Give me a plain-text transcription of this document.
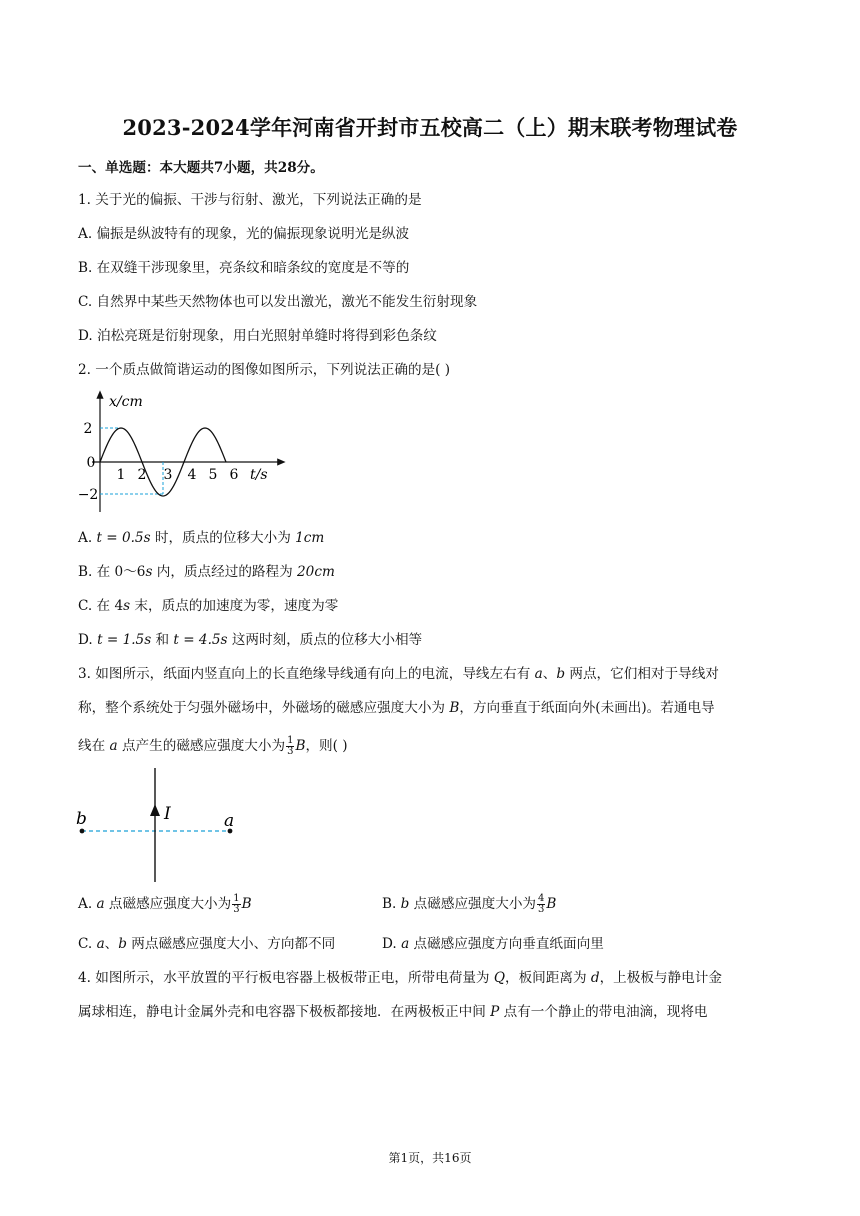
2023-2024学年河南省开封市五校高二（上）期末联考物理试卷
一、单选题：本大题共7小题，共28分。
1. 关于光的偏振、干涉与衍射、激光，下列说法正确的是
A. 偏振是纵波特有的现象，光的偏振现象说明光是纵波
B. 在双缝干涉现象里，亮条纹和暗条纹的宽度是不等的
C. 自然界中某些天然物体也可以发出激光，激光不能发生衍射现象
D. 泊松亮斑是衍射现象，用白光照射单缝时将得到彩色条纹
2. 一个质点做简谐运动的图像如图所示，下列说法正确的是( )
x/cm
2
0
−2
1 2 3 4 5 6 t/s
A. t = 0.5s 时，质点的位移大小为 1cm
B. 在 0～6s 内，质点经过的路程为 20cm
C. 在 4s 末，质点的加速度为零，速度为零
D. t = 1.5s 和 t = 4.5s 这两时刻，质点的位移大小相等
3. 如图所示，纸面内竖直向上的长直绝缘导线通有向上的电流，导线左右有 a、b 两点，它们相对于导线对
称，整个系统处于匀强外磁场中，外磁场的磁感应强度大小为 B，方向垂直于纸面向外(未画出)。若通电导
线在 a 点产生的磁感应强度大小为 $\frac{1}{3}$ B，则( )
b	I	a
A. a 点磁感应强度大小为 $\frac{1}{3}$ B	B. b 点磁感应强度大小为 $\frac{4}{3}$ B
C. a、b 两点磁感应强度大小、方向都不同	D. a 点磁感应强度方向垂直纸面向里
4. 如图所示，水平放置的平行板电容器上极板带正电，所带电荷量为 Q，板间距离为 d，上极板与静电计金
属球相连，静电计金属外壳和电容器下极板都接地．在两极板正中间 P 点有一个静止的带电油滴，现将电
第1页，共16页
